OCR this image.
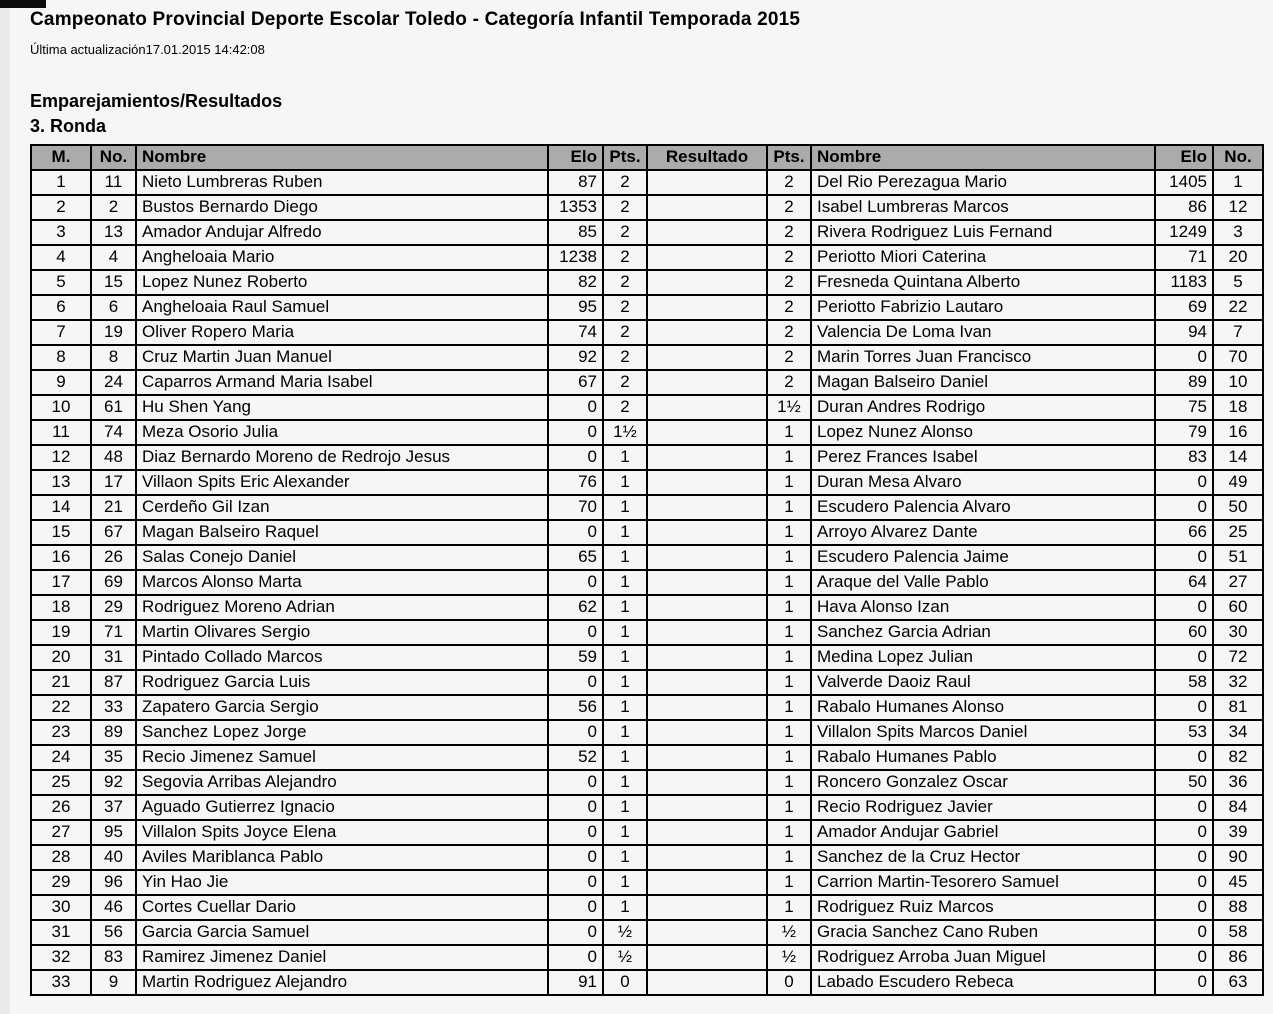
Campeonato Provincial Deporte Escolar Toledo - Categoría Infantil Temporada 2015
Última actualización17.01.2015 14:42:08
Emparejamientos/Resultados
3. Ronda
M.	No.	Nombre	Elo	Pts.	Resultado	Pts.	Nombre	Elo	No.
1	11	Nieto Lumbreras Ruben	87	2		2	Del Rio Perezagua Mario	1405	1
2	2	Bustos Bernardo Diego	1353	2		2	Isabel Lumbreras Marcos	86	12
3	13	Amador Andujar Alfredo	85	2		2	Rivera Rodriguez Luis Fernand	1249	3
4	4	Angheloaia Mario	1238	2		2	Periotto Miori Caterina	71	20
5	15	Lopez Nunez Roberto	82	2		2	Fresneda Quintana Alberto	1183	5
6	6	Angheloaia Raul Samuel	95	2		2	Periotto Fabrizio Lautaro	69	22
7	19	Oliver Ropero Maria	74	2		2	Valencia De Loma Ivan	94	7
8	8	Cruz Martin Juan Manuel	92	2		2	Marin Torres Juan Francisco	0	70
9	24	Caparros Armand Maria Isabel	67	2		2	Magan Balseiro Daniel	89	10
10	61	Hu Shen Yang	0	2		1½	Duran Andres Rodrigo	75	18
11	74	Meza Osorio Julia	0	1½		1	Lopez Nunez Alonso	79	16
12	48	Diaz Bernardo Moreno de Redrojo Jesus	0	1		1	Perez Frances Isabel	83	14
13	17	Villaon Spits Eric Alexander	76	1		1	Duran Mesa Alvaro	0	49
14	21	Cerdeño Gil Izan	70	1		1	Escudero Palencia Alvaro	0	50
15	67	Magan Balseiro Raquel	0	1		1	Arroyo Alvarez Dante	66	25
16	26	Salas Conejo Daniel	65	1		1	Escudero Palencia Jaime	0	51
17	69	Marcos Alonso Marta	0	1		1	Araque del Valle Pablo	64	27
18	29	Rodriguez Moreno Adrian	62	1		1	Hava Alonso Izan	0	60
19	71	Martin Olivares Sergio	0	1		1	Sanchez Garcia Adrian	60	30
20	31	Pintado Collado Marcos	59	1		1	Medina Lopez Julian	0	72
21	87	Rodriguez Garcia Luis	0	1		1	Valverde Daoiz Raul	58	32
22	33	Zapatero Garcia Sergio	56	1		1	Rabalo Humanes Alonso	0	81
23	89	Sanchez Lopez Jorge	0	1		1	Villalon Spits Marcos Daniel	53	34
24	35	Recio Jimenez Samuel	52	1		1	Rabalo Humanes Pablo	0	82
25	92	Segovia Arribas Alejandro	0	1		1	Roncero Gonzalez Oscar	50	36
26	37	Aguado Gutierrez Ignacio	0	1		1	Recio Rodriguez Javier	0	84
27	95	Villalon Spits Joyce Elena	0	1		1	Amador Andujar Gabriel	0	39
28	40	Aviles Mariblanca Pablo	0	1		1	Sanchez de la Cruz Hector	0	90
29	96	Yin Hao Jie	0	1		1	Carrion Martin-Tesorero Samuel	0	45
30	46	Cortes Cuellar Dario	0	1		1	Rodriguez Ruiz Marcos	0	88
31	56	Garcia Garcia Samuel	0	½		½	Gracia Sanchez Cano Ruben	0	58
32	83	Ramirez Jimenez Daniel	0	½		½	Rodriguez Arroba Juan Miguel	0	86
33	9	Martin Rodriguez Alejandro	91	0		0	Labado Escudero Rebeca	0	63
